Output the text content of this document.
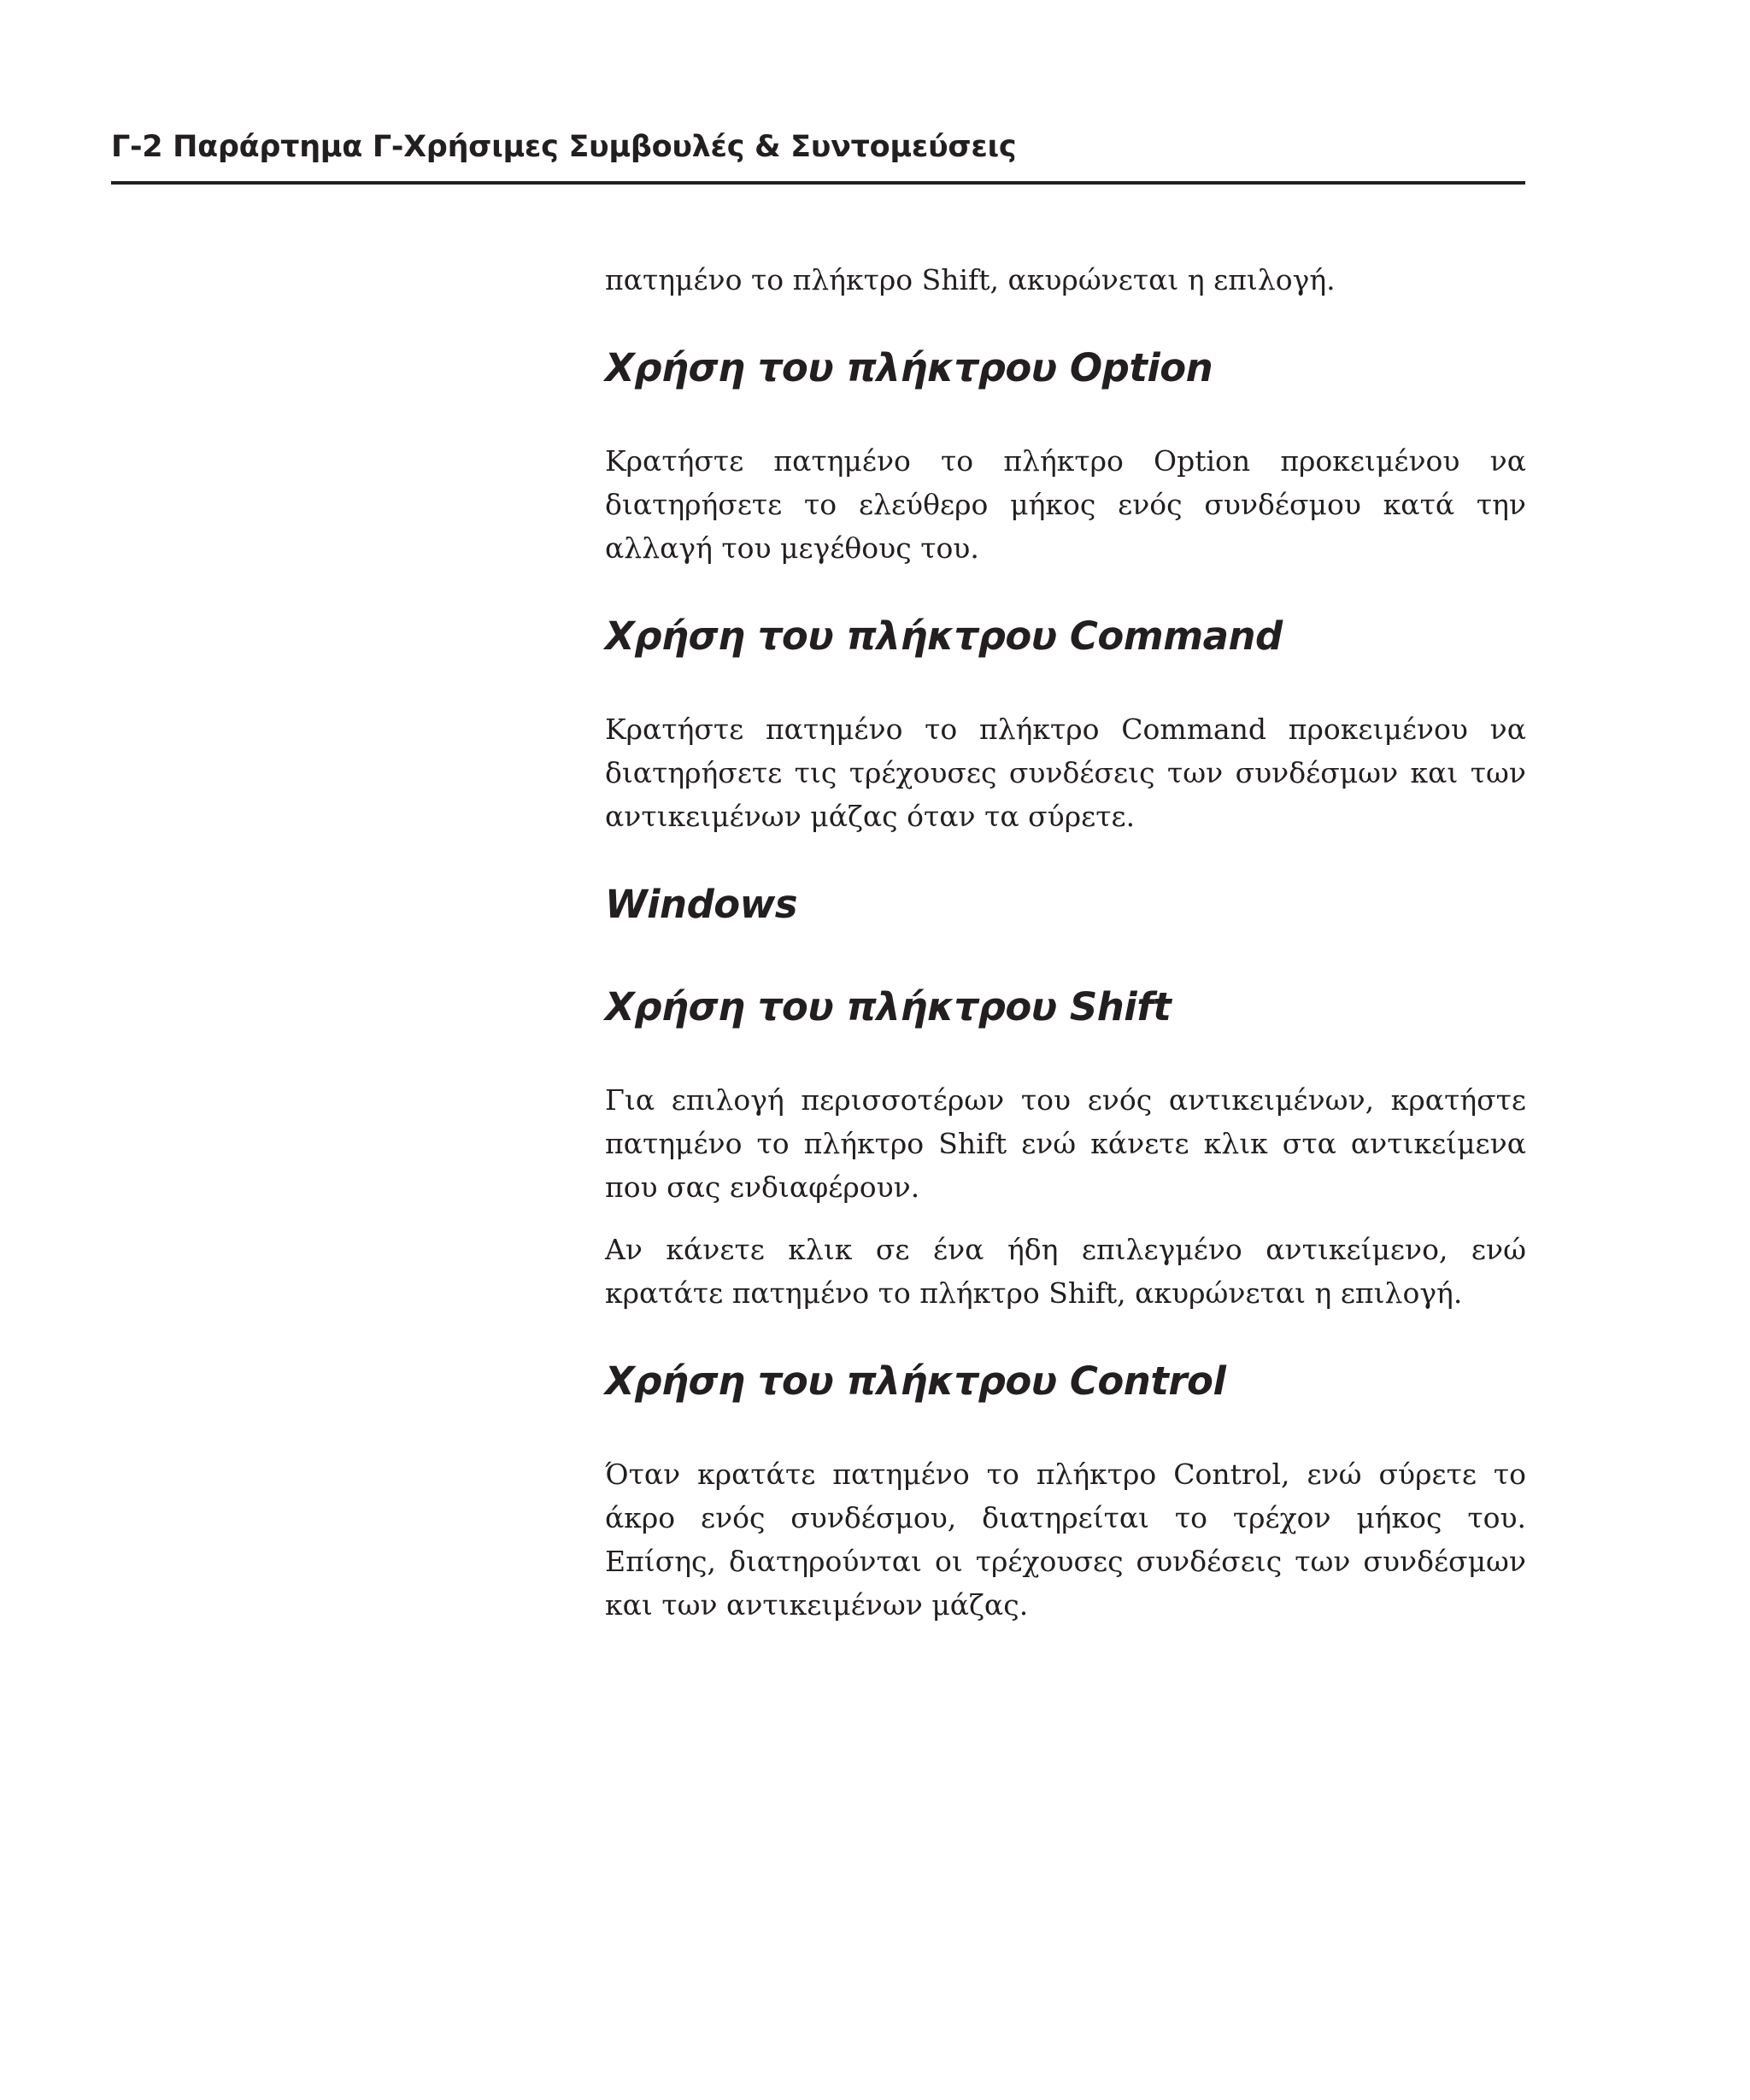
Γ-2 Παράρτημα Γ-Χρήσιμες Συμβουλές & Συντομεύσεις

πατημένο το πλήκτρο Shift, ακυρώνεται η επιλογή.

Χρήση του πλήκτρου Option

Κρατήστε πατημένο το πλήκτρο Option προκειμένου να διατηρήσετε το ελεύθερο μήκος ενός συνδέσμου κατά την αλλαγή του μεγέθους του.

Χρήση του πλήκτρου Command

Κρατήστε πατημένο το πλήκτρο Command προκειμένου να διατηρήσετε τις τρέχουσες συνδέσεις των συνδέσμων και των αντικειμένων μάζας όταν τα σύρετε.

Windows
Χρήση του πλήκτρου Shift

Για επιλογή περισσοτέρων του ενός αντικειμένων, κρατήστε πατημένο το πλήκτρο Shift ενώ κάνετε κλικ στα αντικείμενα που σας ενδιαφέρουν.

Αν κάνετε κλικ σε ένα ήδη επιλεγμένο αντικείμενο, ενώ κρατάτε πατημένο το πλήκτρο Shift, ακυρώνεται η επιλογή.

Χρήση του πλήκτρου Control

Όταν κρατάτε πατημένο το πλήκτρο Control, ενώ σύρετε το άκρο ενός συνδέσμου, διατηρείται το τρέχον μήκος του. Επίσης, διατηρούνται οι τρέχουσες συνδέσεις των συνδέσμων και των αντικειμένων μάζας.
